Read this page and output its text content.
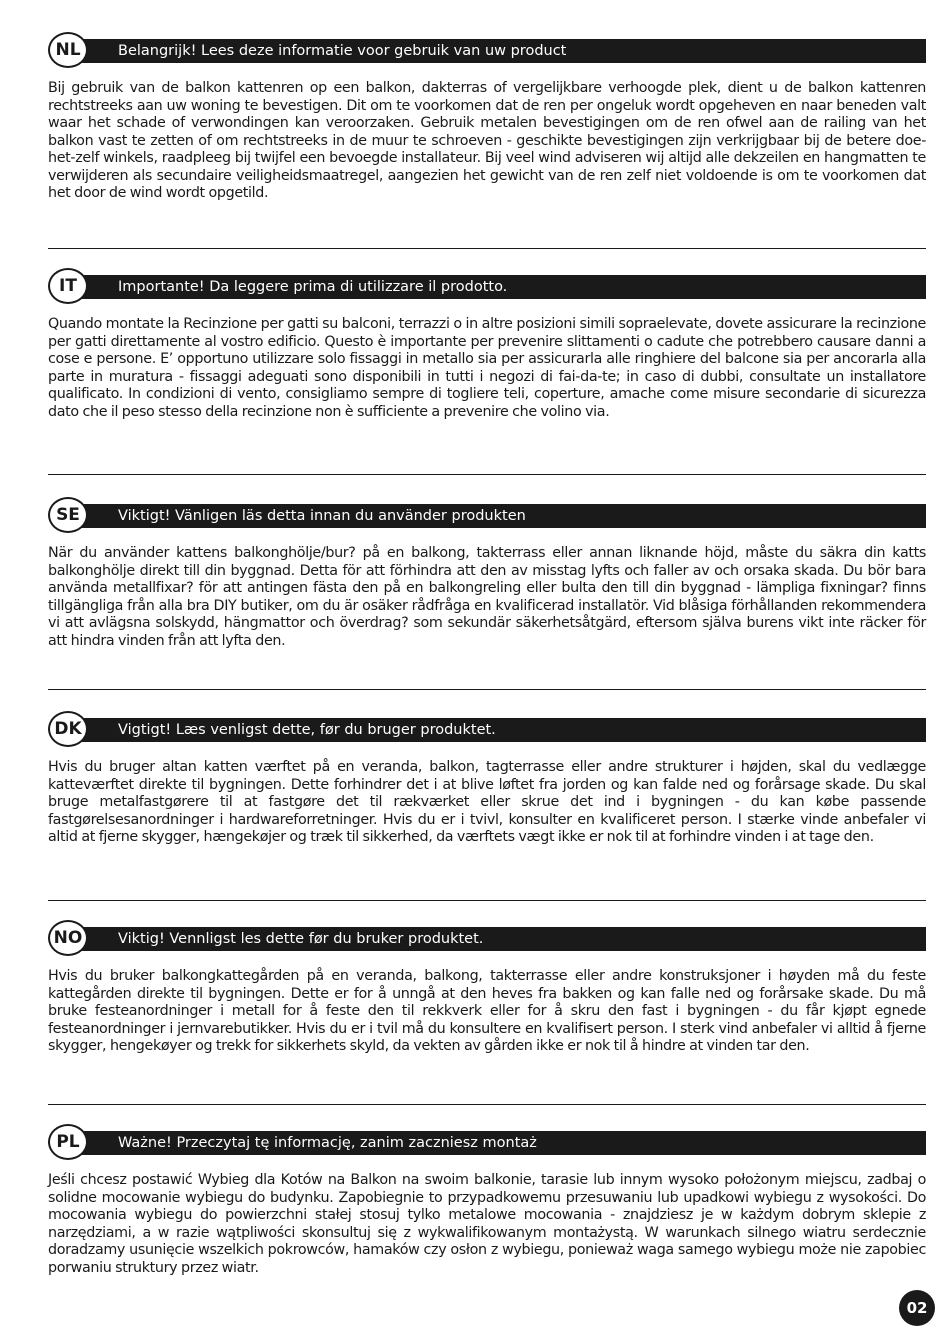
NL	Belangrijk! Lees deze informatie voor gebruik van uw product
Bij gebruik van de balkon kattenren op een balkon, dakterras of vergelijkbare verhoogde plek, dient u de balkon kattenren rechtstreeks aan uw woning te bevestigen. Dit om te voorkomen dat de ren per ongeluk wordt opgeheven en naar beneden valt waar het schade of verwondingen kan veroorzaken. Gebruik metalen bevestigingen om de ren ofwel aan de railing van het balkon vast te zetten of om rechtstreeks in de muur te schroeven - geschikte bevestigingen zijn verkrijgbaar bij de betere doe-het-zelf winkels, raadpleeg bij twijfel een bevoegde installateur. Bij veel wind adviseren wij altijd alle dekzeilen en hangmatten te verwijderen als secundaire veiligheidsmaatregel, aangezien het gewicht van de ren zelf niet voldoende is om te voorkomen dat het door de wind wordt opgetild.
IT	Importante! Da leggere prima di utilizzare il prodotto.
Quando montate la Recinzione per gatti su balconi, terrazzi o in altre posizioni simili sopraelevate, dovete assicurare la recinzione per gatti direttamente al vostro edificio. Questo è importante per prevenire slittamenti o cadute che potrebbero causare danni a cose e persone. E’ opportuno utilizzare solo fissaggi in metallo sia per assicurarla alle ringhiere del balcone sia per ancorarla alla parte in muratura - fissaggi adeguati sono disponibili in tutti i negozi di fai-da-te; in caso di dubbi, consultate un installatore qualificato. In condizioni di vento, consigliamo sempre di togliere teli, coperture, amache come misure secondarie di sicurezza dato che il peso stesso della recinzione non è sufficiente a prevenire che volino via.
SE	Viktigt! Vänligen läs detta innan du använder produkten
När du använder kattens balkonghölje/bur? på en balkong, takterrass eller annan liknande höjd, måste du säkra din katts balkonghölje direkt till din byggnad. Detta för att förhindra att den av misstag lyfts och faller av och orsaka skada. Du bör bara använda metallfixar? för att antingen fästa den på en balkongreling eller bulta den till din byggnad - lämpliga fixningar? finns tillgängliga från alla bra DIY butiker, om du är osäker rådfråga en kvalificerad installatör. Vid blåsiga förhållanden rekommendera vi att avlägsna solskydd, hängmattor och överdrag? som sekundär säkerhetsåtgärd, eftersom själva burens vikt inte räcker för att hindra vinden från att lyfta den.
DK	Vigtigt! Læs venligst dette, før du bruger produktet.
Hvis du bruger altan katten værftet på en veranda, balkon, tagterrasse eller andre strukturer i højden, skal du vedlægge katteværftet direkte til bygningen. Dette forhindrer det i at blive løftet fra jorden og kan falde ned og forårsage skade. Du skal bruge metalfastgørere til at fastgøre det til rækværket eller skrue det ind i bygningen - du kan købe passende fastgørelsesanordninger i hardwareforretninger. Hvis du er i tvivl, konsulter en kvalificeret person. I stærke vinde anbefaler vi altid at fjerne skygger, hængekøjer og træk til sikkerhed, da værftets vægt ikke er nok til at forhindre vinden i at tage den.
NO	Viktig! Vennligst les dette før du bruker produktet.
Hvis du bruker balkongkattegården på en veranda, balkong, takterrasse eller andre konstruksjoner i høyden må du feste kattegården direkte til bygningen. Dette er for å unngå at den heves fra bakken og kan falle ned og forårsake skade. Du må bruke festeanordninger i metall for å feste den til rekkverk eller for å skru den fast i bygningen - du får kjøpt egnede festeanordninger i jernvarebutikker. Hvis du er i tvil må du konsultere en kvalifisert person. I sterk vind anbefaler vi alltid å fjerne skygger, hengekøyer og trekk for sikkerhets skyld, da vekten av gården ikke er nok til å hindre at vinden tar den.
PL	Ważne! Przeczytaj tę informację, zanim zaczniesz montaż
Jeśli chcesz postawić Wybieg dla Kotów na Balkon na swoim balkonie, tarasie lub innym wysoko położonym miejscu, zadbaj o solidne mocowanie wybiegu do budynku. Zapobiegnie to przypadkowemu przesuwaniu lub upadkowi wybiegu z wysokości. Do mocowania wybiegu do powierzchni stałej stosuj tylko metalowe mocowania - znajdziesz je w każdym dobrym sklepie z narzędziami, a w razie wątpliwości skonsultuj się z wykwalifikowanym montażystą. W warunkach silnego wiatru serdecznie doradzamy usunięcie wszelkich pokrowców, hamaków czy osłon z wybiegu, ponieważ waga samego wybiegu może nie zapobiec porwaniu struktury przez wiatr.
02
